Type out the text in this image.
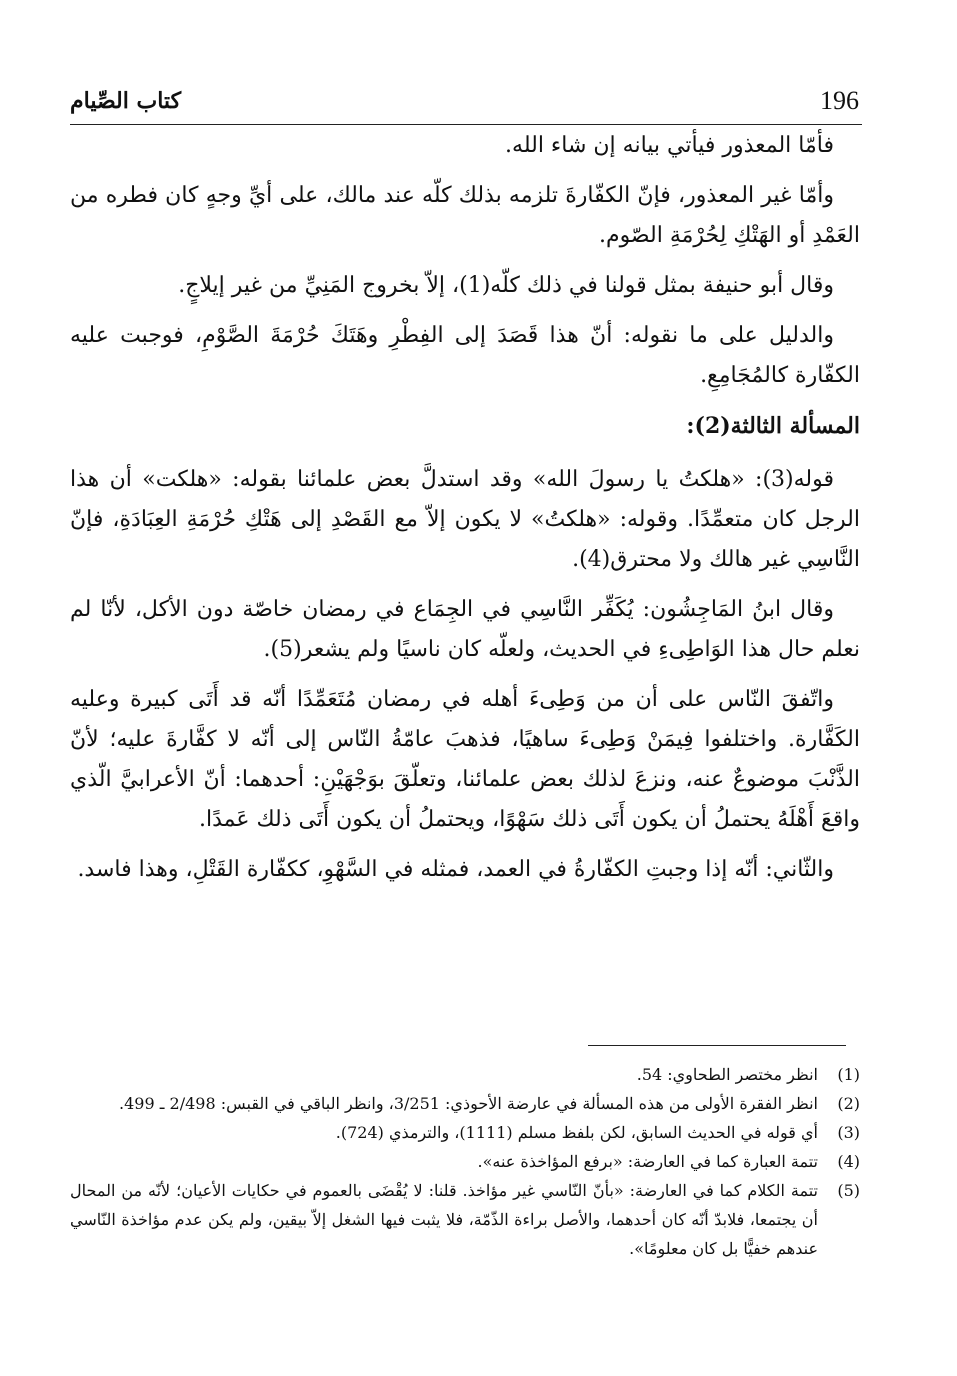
196
كتاب الصِّيام

فأمّا المعذور فيأتي بيانه إن شاء الله.

وأمّا غير المعذور، فإنّ الكفّارةَ تلزمه بذلك كلّه عند مالك، على أيِّ وجهٍ كان فطره من العَمْدِ أو الهَتْكِ لِحُرْمَةِ الصّوم.

وقال أبو حنيفة بمثل قولنا في ذلك كلّه(1)، إلاّ بخروج المَنِيِّ من غير إيلاجٍ.

والدليل على ما نقوله: أنّ هذا قَصَدَ إلى الفِطْرِ وهَتَكَ حُرْمَةَ الصَّوْمِ، فوجبت عليه الكفّارة كالمُجَامِعِ.

المسألة الثالثة(2):

قوله(3): «هلكتُ يا رسولَ الله» وقد استدلَّ بعض علمائنا بقوله: «هلكت» أن هذا الرجل كان متعمِّدًا. وقوله: «هلكتُ» لا يكون إلاّ مع القَصْدِ إلى هَتْكِ حُرْمَةِ العِبَادَةِ، فإنّ النَّاسِي غير هالك ولا محترق(4).

وقال ابنُ المَاجِشُون: يُكَفِّر النَّاسِي في الجِمَاع في رمضان خاصّة دون الأكل، لأنّا لم نعلم حال هذا الوَاطِىءِ في الحديث، ولعلّه كان ناسيًا ولم يشعر(5).

واتّفقَ النّاس على أن من وَطِىءَ أهله في رمضان مُتَعَمِّدًا أنّه قد أَتَى كبيرة وعليه الكَفَّارة. واختلفوا فِيمَنْ وَطِىءَ ساهيًا، فذهبَ عامّةُ النّاس إلى أنّه لا كفَّارةَ عليه؛ لأنّ الذَّنْبَ موضوعٌ عنه، ونزعَ لذلك بعض علمائنا، وتعلّقَ بوَجْهَيْنِ: أحدهما: أنّ الأعرابيَّ الّذي واقعَ أَهْلَهُ يحتملُ أن يكون أَتَى ذلك سَهْوًا، ويحتملُ أن يكون أَتَى ذلك عَمدًا.

والثّاني: أنّه إذا وجبتِ الكفّارةُ في العمد، فمثله في السَّهْوِ، ككفّارة القَتْلِ، وهذا فاسد.

(1)
انظر مختصر الطحاوي: 54.
(2)
انظر الفقرة الأولى من هذه المسألة في عارضة الأحوذي: 3/251، وانظر الباقي في القبس: 2/498 ـ 499.
(3)
أي قوله في الحديث السابق، لكن بلفظ مسلم (1111)، والترمذي (724).
(4)
تتمة العبارة كما في العارضة: «برفع المؤاخذة عنه».
(5)
تتمة الكلام كما في العارضة: «بأنّ النّاسي غير مؤاخذ. قلنا: لا يُقْضَى بالعموم في حكايات الأعيان؛ لأنّه من المحال أن يجتمعا، فلابدّ أنّه كان أحدهما، والأصل براءة الذّمّة، فلا يثبت فيها الشغل إلاّ بيقين، ولم يكن عدم مؤاخذة النّاسي عندهم خفيًّا بل كان معلومًا».
